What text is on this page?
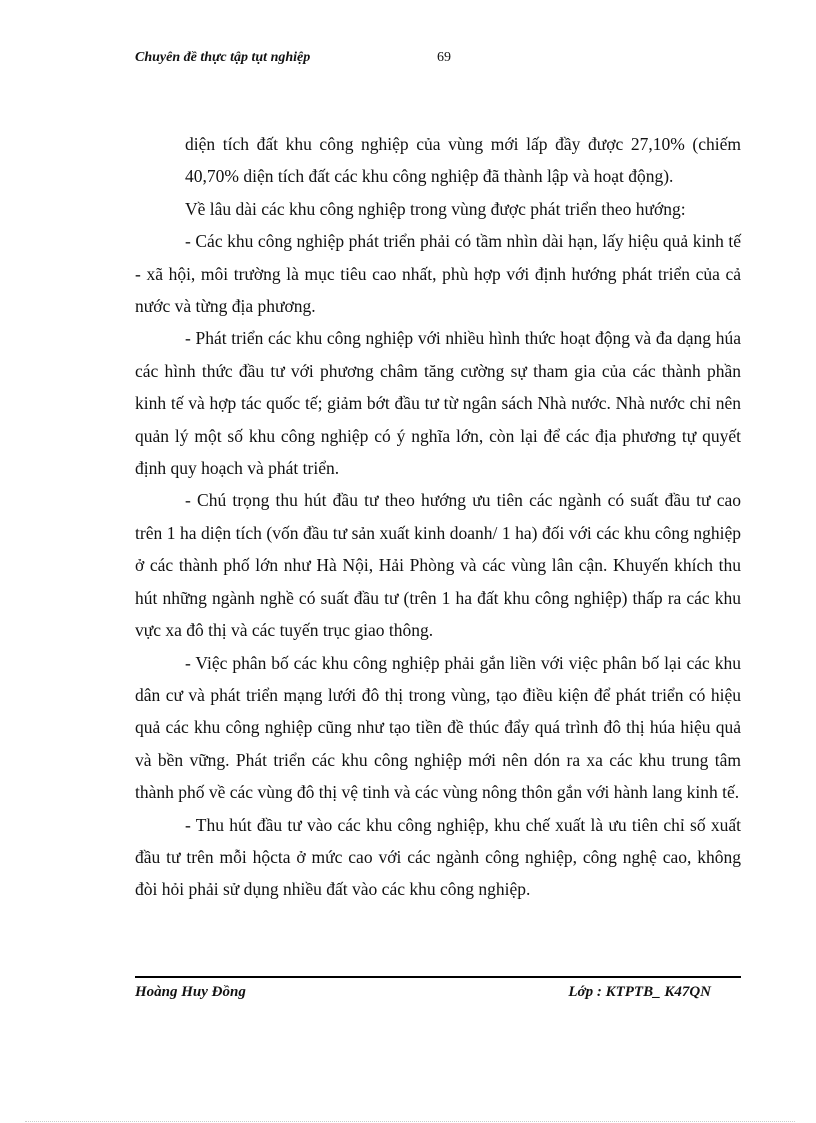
Chuyên đề thực tập tụt nghiệp	69

diện tích đất khu công nghiệp của vùng mới lấp đầy được 27,10% (chiếm 40,70% diện tích đất các khu công nghiệp đã thành lập và hoạt động).

Về lâu dài các khu công nghiệp trong vùng được phát triển theo hướng:

- Các khu công nghiệp phát triển phải có tầm nhìn dài hạn, lấy hiệu quả kinh tế - xã hội, môi trường là mục tiêu cao nhất, phù hợp với định hướng phát triển của cả nước và từng địa phương.

- Phát triển các khu công nghiệp với nhiều hình thức hoạt động và đa dạng húa các hình thức đầu tư với phương châm tăng cường sự tham gia của các thành phần kinh tế và hợp tác quốc tế; giảm bớt đầu tư từ ngân sách Nhà nước. Nhà nước chỉ nên quản lý một số khu công nghiệp có ý nghĩa lớn, còn lại để các địa phương tự quyết định quy hoạch và phát triển.

- Chú trọng thu hút đầu tư theo hướng ưu tiên các ngành có suất đầu tư cao trên 1 ha diện tích (vốn đầu tư sản xuất kinh doanh/ 1 ha) đối với các khu công nghiệp ở các thành phố lớn như Hà Nội, Hải Phòng và các vùng lân cận. Khuyến khích thu hút những ngành nghề có suất đầu tư (trên 1 ha đất khu công nghiệp) thấp ra các khu vực xa đô thị và các tuyến trục giao thông.

- Việc phân bố các khu công nghiệp phải gắn liền với việc phân bố lại các khu dân cư và phát triển mạng lưới đô thị trong vùng, tạo điều kiện để phát triển có hiệu quả các khu công nghiệp cũng như tạo tiền đề thúc đẩy quá trình đô thị húa hiệu quả và bền vững. Phát triển các khu công nghiệp mới nên dón ra xa các khu trung tâm thành phố về các vùng đô thị vệ tinh và các vùng nông thôn gắn với hành lang kinh tế.

- Thu hút đầu tư vào các khu công nghiệp, khu chế xuất là ưu tiên chỉ số xuất đầu tư trên mỗi hộcta ở mức cao với các ngành công nghiệp, công nghệ cao, không đòi hỏi phải sử dụng nhiều đất vào các khu công nghiệp.

Hoàng Huy Đồng	Lớp : KTPTB_ K47QN
